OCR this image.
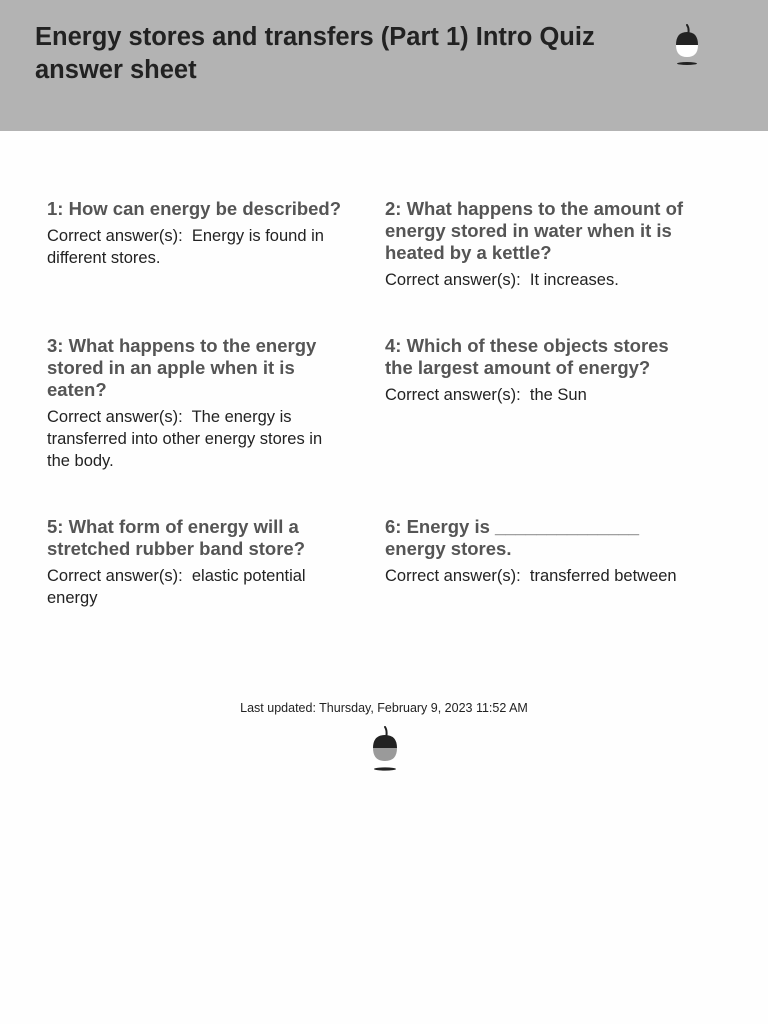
Energy stores and transfers (Part 1) Intro Quiz answer sheet

1: How can energy be described?

Correct answer(s):  Energy is found in different stores.

2: What happens to the amount of energy stored in water when it is heated by a kettle?

Correct answer(s):  It increases.

3: What happens to the energy stored in an apple when it is eaten?

Correct answer(s):  The energy is transferred into other energy stores in the body.

4: Which of these objects stores the largest amount of energy?

Correct answer(s):  the Sun

5: What form of energy will a stretched rubber band store?

Correct answer(s):  elastic potential energy

6: Energy is ______________ energy stores.

Correct answer(s):  transferred between

Last updated: Thursday, February 9, 2023 11:52 AM
